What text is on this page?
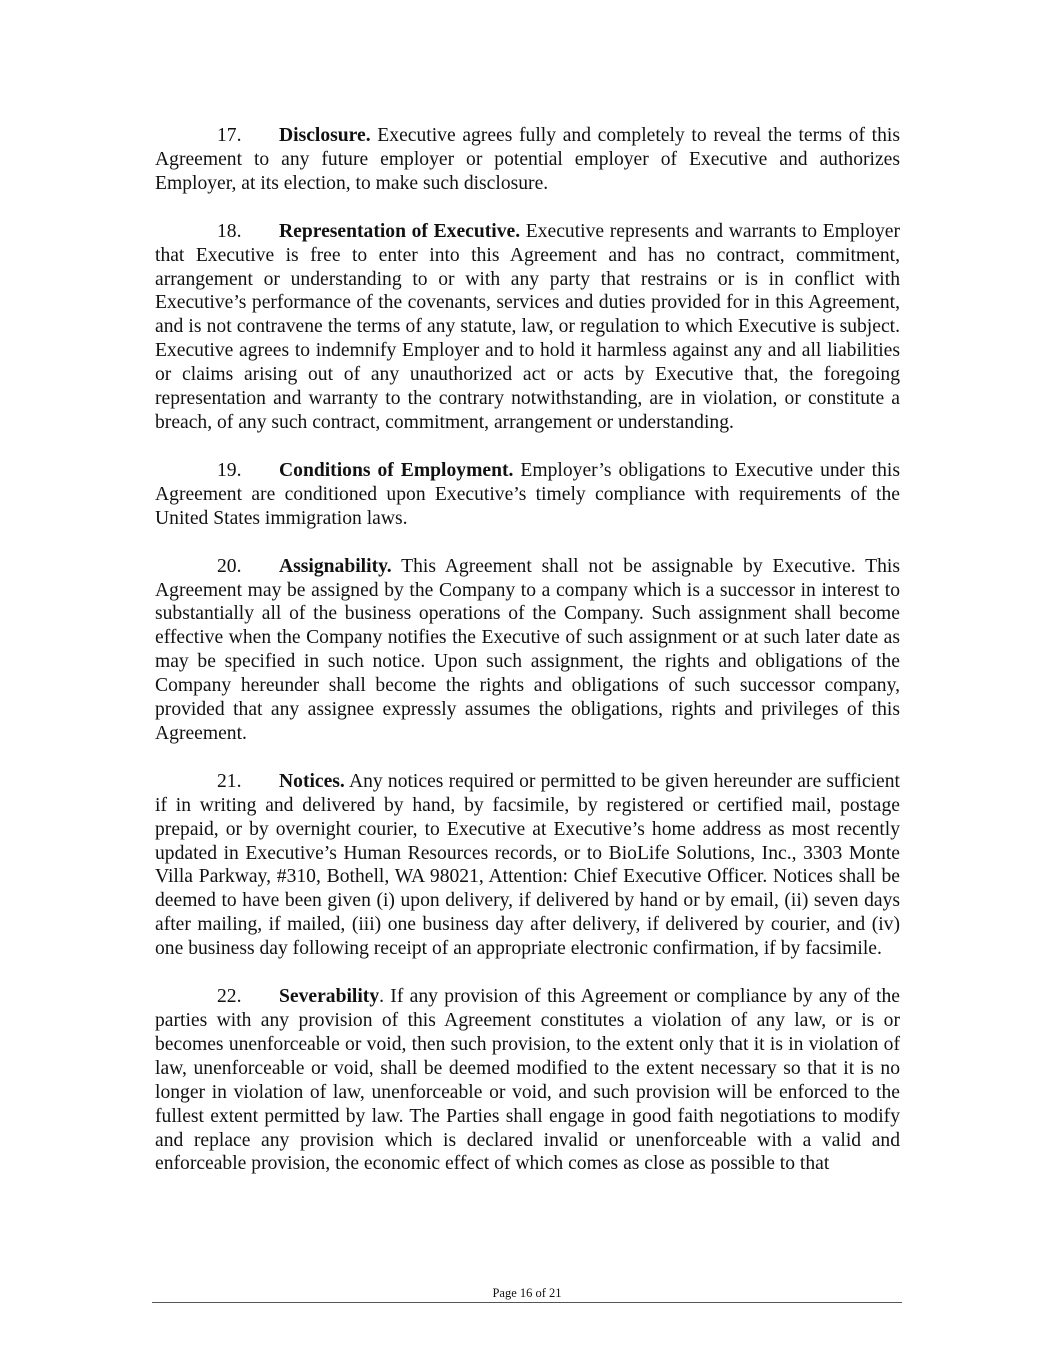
17. Disclosure. Executive agrees fully and completely to reveal the terms of this Agreement to any future employer or potential employer of Executive and authorizes Employer, at its election, to make such disclosure.

18. Representation of Executive. Executive represents and warrants to Employer that Executive is free to enter into this Agreement and has no contract, commitment, arrangement or understanding to or with any party that restrains or is in conflict with Executive’s performance of the covenants, services and duties provided for in this Agreement, and is not contravene the terms of any statute, law, or regulation to which Executive is subject. Executive agrees to indemnify Employer and to hold it harmless against any and all liabilities or claims arising out of any unauthorized act or acts by Executive that, the foregoing representation and warranty to the contrary notwithstanding, are in violation, or constitute a breach, of any such contract, commitment, arrangement or understanding.

19. Conditions of Employment. Employer’s obligations to Executive under this Agreement are conditioned upon Executive’s timely compliance with requirements of the United States immigration laws.

20. Assignability. This Agreement shall not be assignable by Executive. This Agreement may be assigned by the Company to a company which is a successor in interest to substantially all of the business operations of the Company. Such assignment shall become effective when the Company notifies the Executive of such assignment or at such later date as may be specified in such notice. Upon such assignment, the rights and obligations of the Company hereunder shall become the rights and obligations of such successor company, provided that any assignee expressly assumes the obligations, rights and privileges of this Agreement.

21. Notices. Any notices required or permitted to be given hereunder are sufficient if in writing and delivered by hand, by facsimile, by registered or certified mail, postage prepaid, or by overnight courier, to Executive at Executive’s home address as most recently updated in Executive’s Human Resources records, or to BioLife Solutions, Inc., 3303 Monte Villa Parkway, #310, Bothell, WA 98021, Attention: Chief Executive Officer. Notices shall be deemed to have been given (i) upon delivery, if delivered by hand or by email, (ii) seven days after mailing, if mailed, (iii) one business day after delivery, if delivered by courier, and (iv) one business day following receipt of an appropriate electronic confirmation, if by facsimile.

22. Severability. If any provision of this Agreement or compliance by any of the parties with any provision of this Agreement constitutes a violation of any law, or is or becomes unenforceable or void, then such provision, to the extent only that it is in violation of law, unenforceable or void, shall be deemed modified to the extent necessary so that it is no longer in violation of law, unenforceable or void, and such provision will be enforced to the fullest extent permitted by law. The Parties shall engage in good faith negotiations to modify and replace any provision which is declared invalid or unenforceable with a valid and enforceable provision, the economic effect of which comes as close as possible to that

Page 16 of 21
